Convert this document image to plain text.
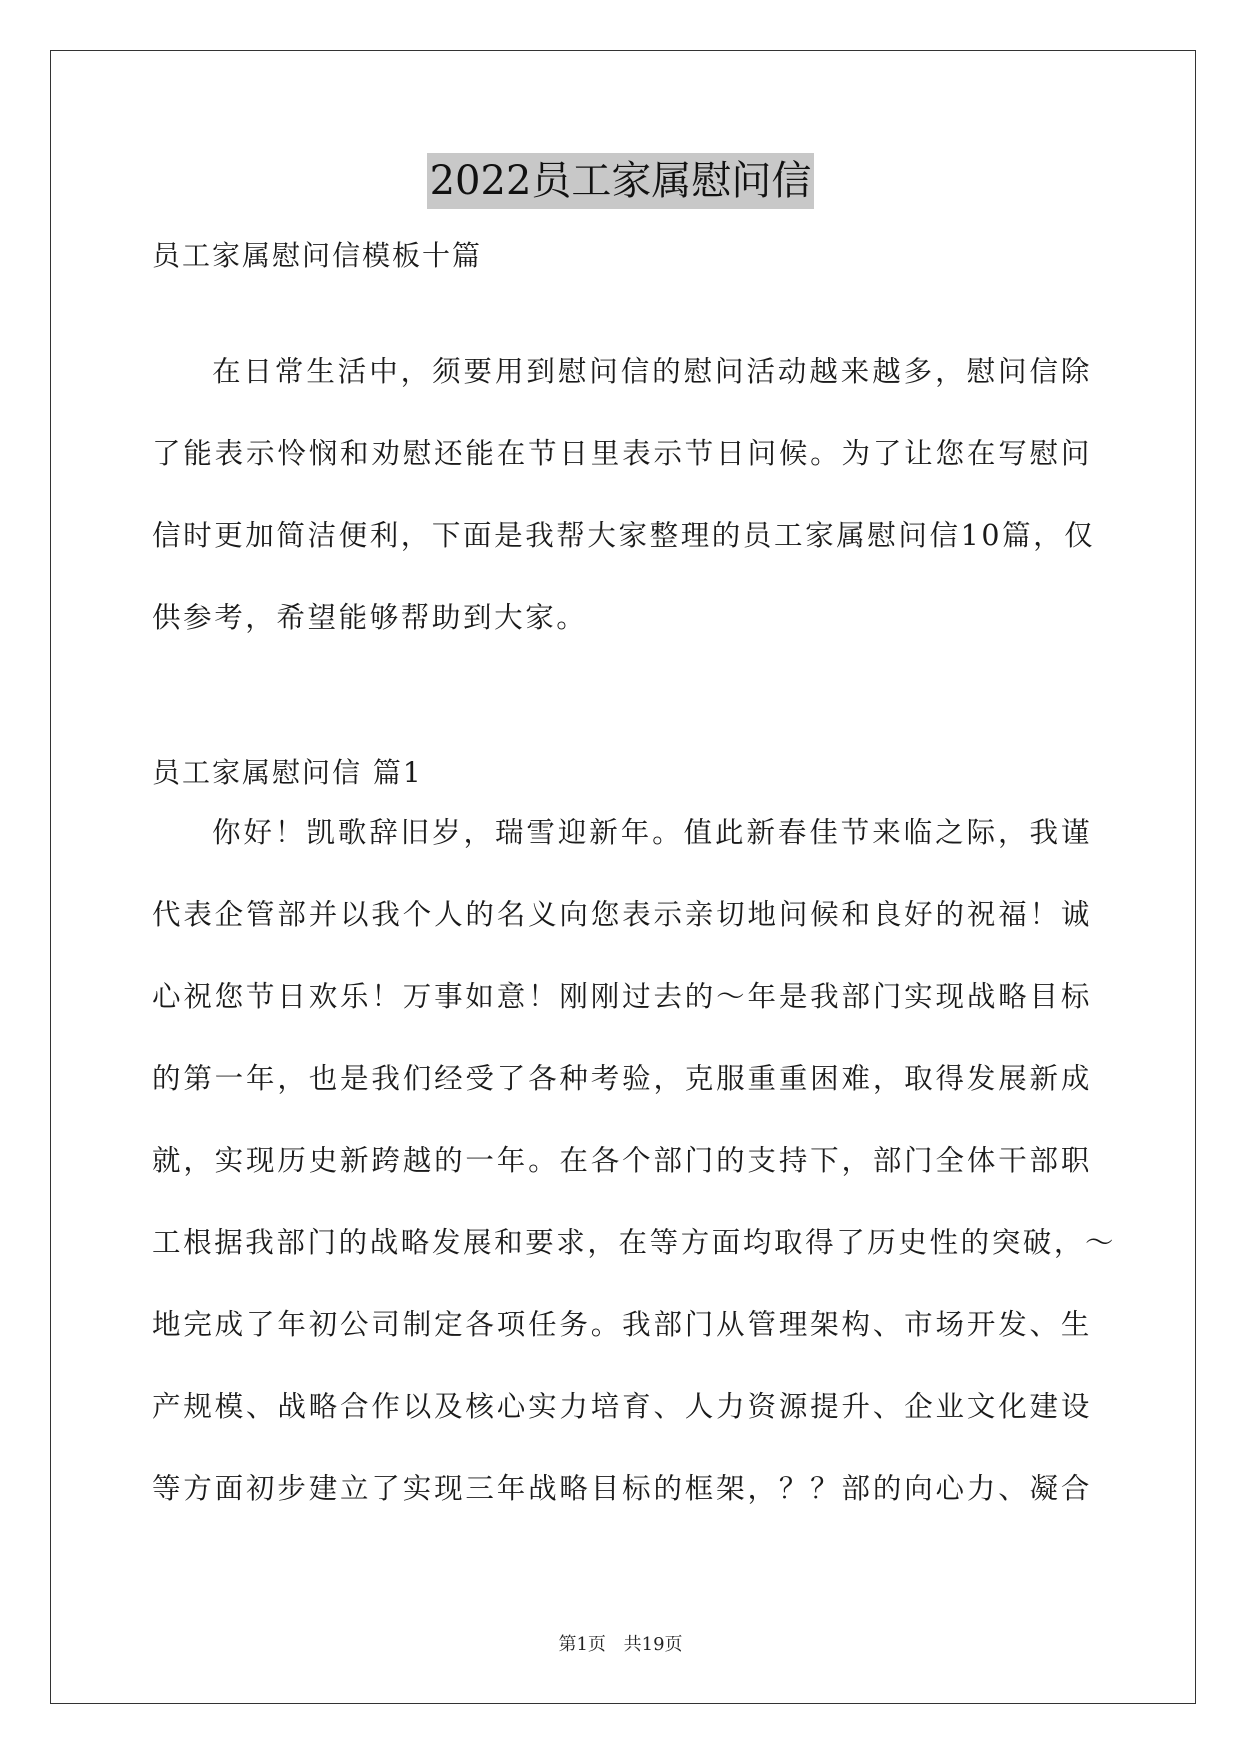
2022员工家属慰问信
员工家属慰问信模板十篇
在日常生活中，须要用到慰问信的慰问活动越来越多，慰问信除
了能表示怜悯和劝慰还能在节日里表示节日问候。为了让您在写慰问
信时更加简洁便利，下面是我帮大家整理的员工家属慰问信10篇，仅
供参考，希望能够帮助到大家。
员工家属慰问信 篇1
你好！凯歌辞旧岁，瑞雪迎新年。值此新春佳节来临之际，我谨
代表企管部并以我个人的名义向您表示亲切地问候和良好的祝福！诚
心祝您节日欢乐！万事如意！刚刚过去的～年是我部门实现战略目标
的第一年，也是我们经受了各种考验，克服重重困难，取得发展新成
就，实现历史新跨越的一年。在各个部门的支持下，部门全体干部职
工根据我部门的战略发展和要求，在等方面均取得了历史性的突破，～
地完成了年初公司制定各项任务。我部门从管理架构、市场开发、生
产规模、战略合作以及核心实力培育、人力资源提升、企业文化建设
等方面初步建立了实现三年战略目标的框架，？？部的向心力、凝合
第1页 共19页
